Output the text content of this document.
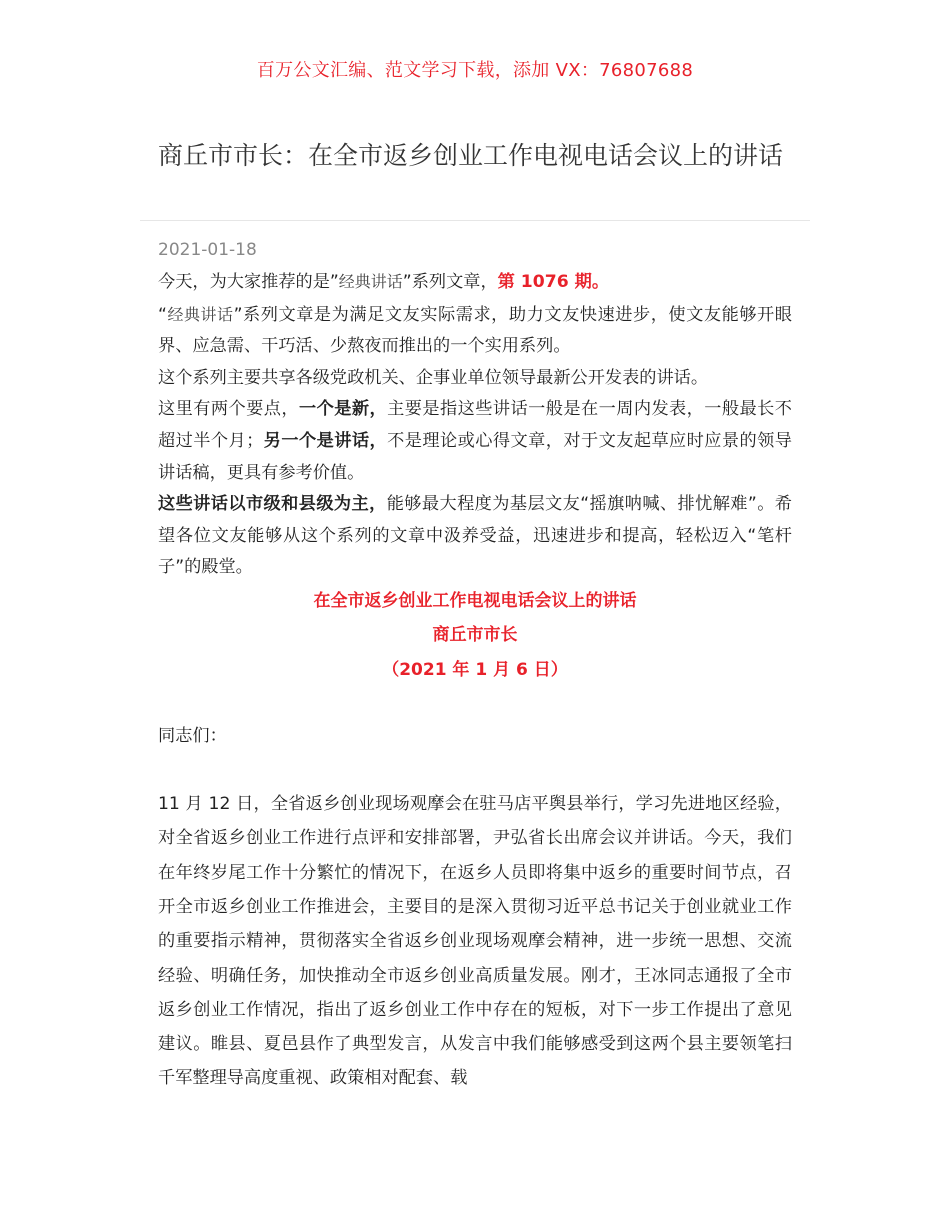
百万公文汇编、范文学习下载，添加 VX：76807688
商丘市市长：在全市返乡创业工作电视电话会议上的讲话
2021-01-18

今天，为大家推荐的是”经典讲话”系列文章，第 1076 期。

“经典讲话”系列文章是为满足文友实际需求，助力文友快速进步，使文友能够开眼界、应急需、干巧活、少熬夜而推出的一个实用系列。

这个系列主要共享各级党政机关、企事业单位领导最新公开发表的讲话。

这里有两个要点，一个是新，主要是指这些讲话一般是在一周内发表，一般最长不超过半个月；另一个是讲话，不是理论或心得文章，对于文友起草应时应景的领导讲话稿，更具有参考价值。

这些讲话以市级和县级为主，能够最大程度为基层文友“摇旗呐喊、排忧解难”。希望各位文友能够从这个系列的文章中汲养受益，迅速进步和提高，轻松迈入“笔杆子”的殿堂。

在全市返乡创业工作电视电话会议上的讲话

商丘市市长

（2021 年 1 月 6 日）

同志们：

11 月 12 日，全省返乡创业现场观摩会在驻马店平舆县举行，学习先进地区经验，对全省返乡创业工作进行点评和安排部署，尹弘省长出席会议并讲话。今天，我们在年终岁尾工作十分繁忙的情况下，在返乡人员即将集中返乡的重要时间节点，召开全市返乡创业工作推进会，主要目的是深入贯彻习近平总书记关于创业就业工作的重要指示精神，贯彻落实全省返乡创业现场观摩会精神，进一步统一思想、交流经验、明确任务，加快推动全市返乡创业高质量发展。刚才，王冰同志通报了全市返乡创业工作情况，指出了返乡创业工作中存在的短板，对下一步工作提出了意见建议。睢县、夏邑县作了典型发言，从发言中我们能够感受到这两个县主要领笔扫千军整理导高度重视、政策相对配套、载
